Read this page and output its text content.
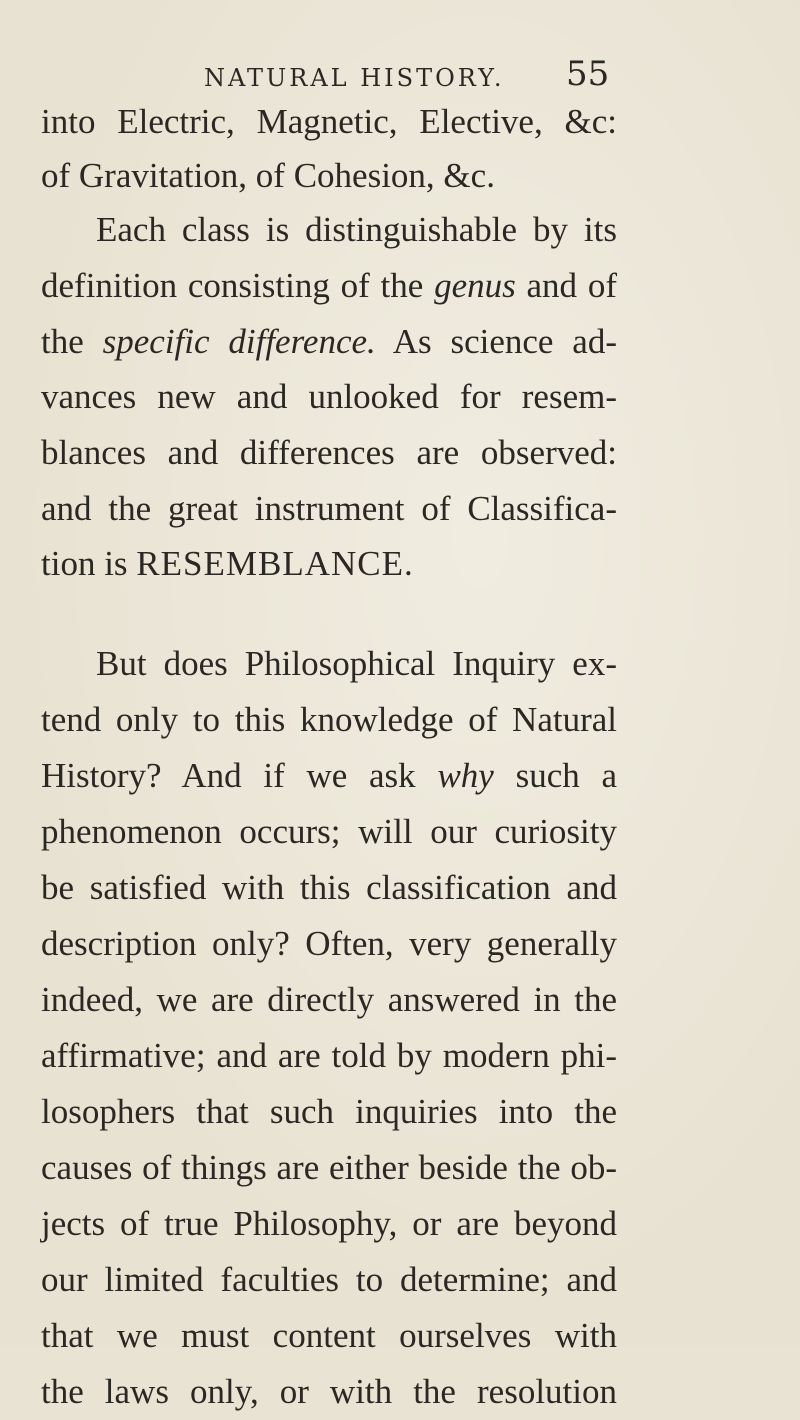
NATURAL HISTORY. 55
into Electric, Magnetic, Elective, &c:
of Gravitation, of Cohesion, &c.
Each class is distinguishable by its
definition consisting of the genus and of
the specific difference. As science ad-
vances new and unlooked for resem-
blances and differences are observed:
and the great instrument of Classifica-
tion is RESEMBLANCE.
But does Philosophical Inquiry ex-
tend only to this knowledge of Natural
History? And if we ask why such a
phenomenon occurs; will our curiosity
be satisfied with this classification and
description only? Often, very generally
indeed, we are directly answered in the
affirmative; and are told by modern phi-
losophers that such inquiries into the
causes of things are either beside the ob-
jects of true Philosophy, or are beyond
our limited faculties to determine; and
that we must content ourselves with
the laws only, or with the resolution
